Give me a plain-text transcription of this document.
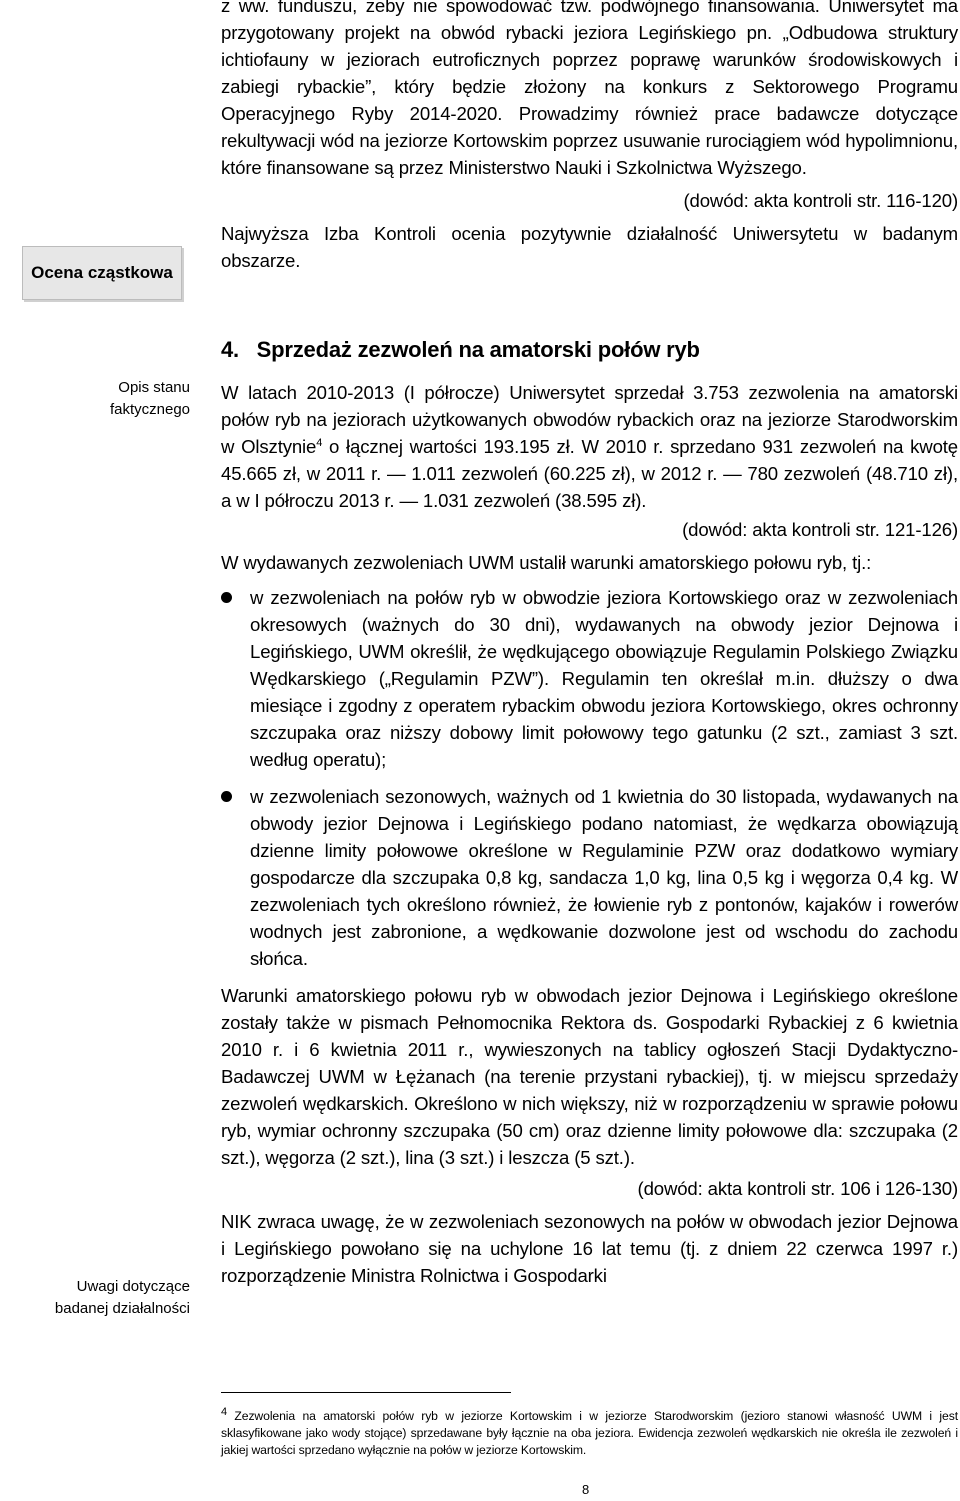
Ocena cząstkowa
Opis stanu faktycznego
Uwagi dotyczące badanej działalności

z ww. funduszu, żeby nie spowodować tzw. podwójnego finansowania. Uniwersytet ma przygotowany projekt na obwód rybacki jeziora Legińskiego pn. „Odbudowa struktury ichtiofauny w jeziorach eutroficznych poprzez poprawę warunków środowiskowych i zabiegi rybackie”, który będzie złożony na konkurs z Sektorowego Programu Operacyjnego Ryby 2014-2020. Prowadzimy również prace badawcze dotyczące rekultywacji wód na jeziorze Kortowskim poprzez usuwanie rurociągiem wód hypolimnionu, które finansowane są przez Ministerstwo Nauki i Szkolnictwa Wyższego.

(dowód: akta kontroli str. 116-120)

Najwyższa Izba Kontroli ocenia pozytywnie działalność Uniwersytetu w badanym obszarze.

4.   Sprzedaż zezwoleń na amatorski połów ryb

W latach 2010-2013 (I półrocze) Uniwersytet sprzedał 3.753 zezwolenia na amatorski połów ryb na jeziorach użytkowanych obwodów rybackich oraz na jeziorze Starodworskim w Olsztynie$^4$ o łącznej wartości 193.195 zł. W 2010 r. sprzedano 931 zezwoleń na kwotę 45.665 zł, w 2011 r. — 1.011 zezwoleń (60.225 zł), w 2012 r. — 780 zezwoleń (48.710 zł), a w I półroczu 2013 r. — 1.031 zezwoleń (38.595 zł).

(dowód: akta kontroli str. 121-126)

W wydawanych zezwoleniach UWM ustalił warunki amatorskiego połowu ryb, tj.:

w zezwoleniach na połów ryb w obwodzie jeziora Kortowskiego oraz w zezwoleniach okresowych (ważnych do 30 dni), wydawanych na obwody jezior Dejnowa i Legińskiego, UWM określił, że wędkującego obowiązuje Regulamin Polskiego Związku Wędkarskiego („Regulamin PZW”). Regulamin ten określał m.in. dłuższy o dwa miesiące i zgodny z operatem rybackim obwodu jeziora Kortowskiego, okres ochronny szczupaka oraz niższy dobowy limit połowowy tego gatunku (2 szt., zamiast 3 szt. według operatu);
w zezwoleniach sezonowych, ważnych od 1 kwietnia do 30 listopada, wydawanych na obwody jezior Dejnowa i Legińskiego podano natomiast, że wędkarza obowiązują dzienne limity połowowe określone w Regulaminie PZW oraz dodatkowo wymiary gospodarcze dla szczupaka 0,8 kg, sandacza 1,0 kg, lina 0,5 kg i węgorza 0,4 kg. W zezwoleniach tych określono również, że łowienie ryb z pontonów, kajaków i rowerów wodnych jest zabronione, a wędkowanie dozwolone jest od wschodu do zachodu słońca.

Warunki amatorskiego połowu ryb w obwodach jezior Dejnowa i Legińskiego określone zostały także w pismach Pełnomocnika Rektora ds. Gospodarki Rybackiej z 6 kwietnia 2010 r. i 6 kwietnia 2011 r., wywieszonych na tablicy ogłoszeń Stacji Dydaktyczno-Badawczej UWM w Łężanach (na terenie przystani rybackiej), tj. w miejscu sprzedaży zezwoleń wędkarskich. Określono w nich większy, niż w rozporządzeniu w sprawie połowu ryb, wymiar ochronny szczupaka (50 cm) oraz dzienne limity połowowe dla: szczupaka (2 szt.), węgorza (2 szt.), lina (3 szt.) i leszcza (5 szt.).

(dowód: akta kontroli str. 106 i 126-130)

NIK zwraca uwagę, że w zezwoleniach sezonowych na połów w obwodach jezior Dejnowa i Legińskiego powołano się na uchylone 16 lat temu (tj. z dniem 22 czerwca 1997 r.) rozporządzenie Ministra Rolnictwa i Gospodarki

$^4$ Zezwolenia na amatorski połów ryb w jeziorze Kortowskim i w jeziorze Starodworskim (jezioro stanowi własność UWM i jest sklasyfikowane jako wody stojące) sprzedawane były łącznie na oba jeziora. Ewidencja zezwoleń wędkarskich nie określa ile zezwoleń i jakiej wartości sprzedano wyłącznie na połów w jeziorze Kortowskim.
8
